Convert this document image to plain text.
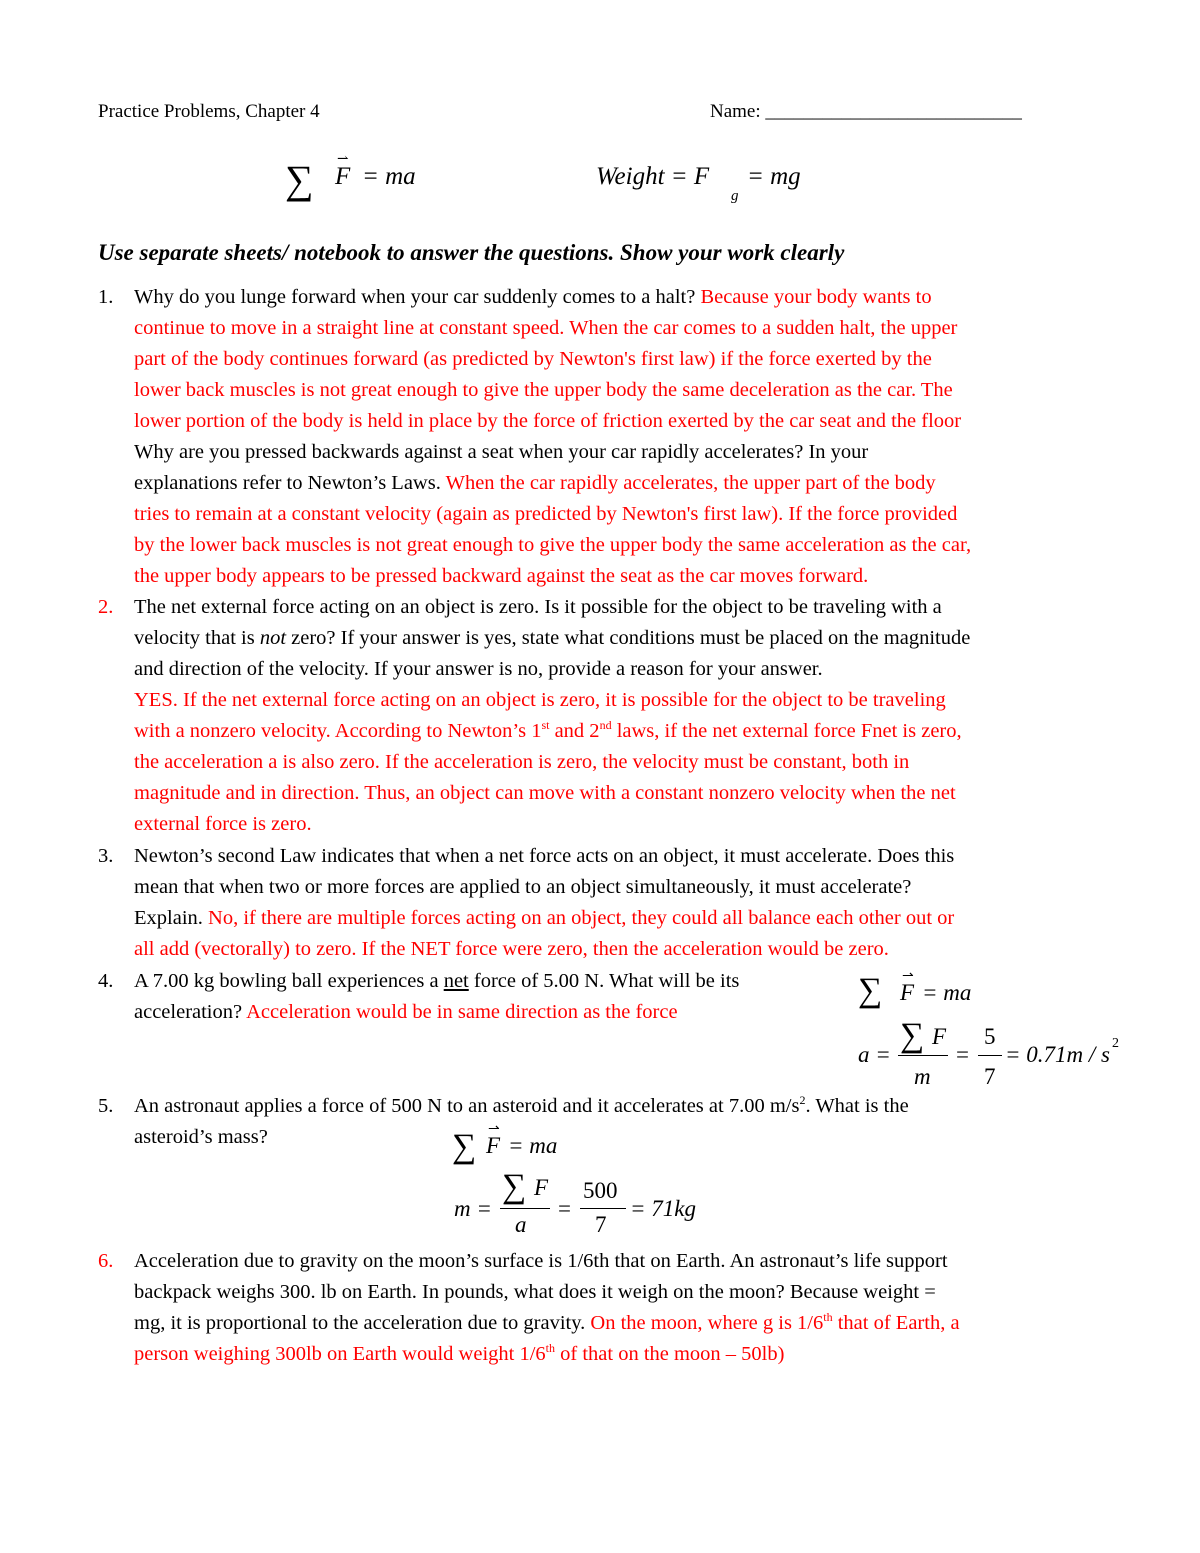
Practice Problems, Chapter 4	Name: ___________________________
∑ F
⇀
= ma	Weight = F
g
= mg
Use separate sheets/ notebook to answer the questions. Show your work clearly
1.	Why do you lunge forward when your car suddenly comes to a halt? Because your body wants to
continue to move in a straight line at constant speed. When the car comes to a sudden halt, the upper
part of the body continues forward (as predicted by Newton's first law) if the force exerted by the
lower back muscles is not great enough to give the upper body the same deceleration as the car. The
lower portion of the body is held in place by the force of friction exerted by the car seat and the floor
Why are you pressed backwards against a seat when your car rapidly accelerates? In your
explanations refer to Newton’s Laws. When the car rapidly accelerates, the upper part of the body
tries to remain at a constant velocity (again as predicted by Newton's first law). If the force provided
by the lower back muscles is not great enough to give the upper body the same acceleration as the car,
the upper body appears to be pressed backward against the seat as the car moves forward.
2.	The net external force acting on an object is zero. Is it possible for the object to be traveling with a
velocity that is not zero? If your answer is yes, state what conditions must be placed on the magnitude
and direction of the velocity. If your answer is no, provide a reason for your answer.
YES. If the net external force acting on an object is zero, it is possible for the object to be traveling
with a nonzero velocity. According to Newton’s 1st and 2nd laws, if the net external force Fnet is zero,
the acceleration a is also zero. If the acceleration is zero, the velocity must be constant, both in
magnitude and in direction. Thus, an object can move with a constant nonzero velocity when the net
external force is zero.
3.	Newton’s second Law indicates that when a net force acts on an object, it must accelerate. Does this
mean that when two or more forces are applied to an object simultaneously, it must accelerate?
Explain. No, if there are multiple forces acting on an object, they could all balance each other out or
all add (vectorally) to zero. If the NET force were zero, then the acceleration would be zero.
4.	A 7.00 kg bowling ball experiences a net force of 5.00 N. What will be its
acceleration? Acceleration would be in same direction as the force
∑ F
⇀
= ma
a =
∑ F
m
=
5
7
= 0.71m / s 2
5.	An astronaut applies a force of 500 N to an asteroid and it accelerates at 7.00 $m/s^2$. What is the
asteroid’s mass?	∑ F
⇀
= ma
m =
∑ F
a
=
500
7
= 71kg
6.	Acceleration due to gravity on the moon’s surface is 1/6th that on Earth. An astronaut’s life support
backpack weighs 300. lb on Earth. In pounds, what does it weigh on the moon? Because weight =
mg, it is proportional to the acceleration due to gravity. On the moon, where g is 1/6th that of Earth, a
person weighing 300lb on Earth would weight 1/6th of that on the moon – 50lb)
